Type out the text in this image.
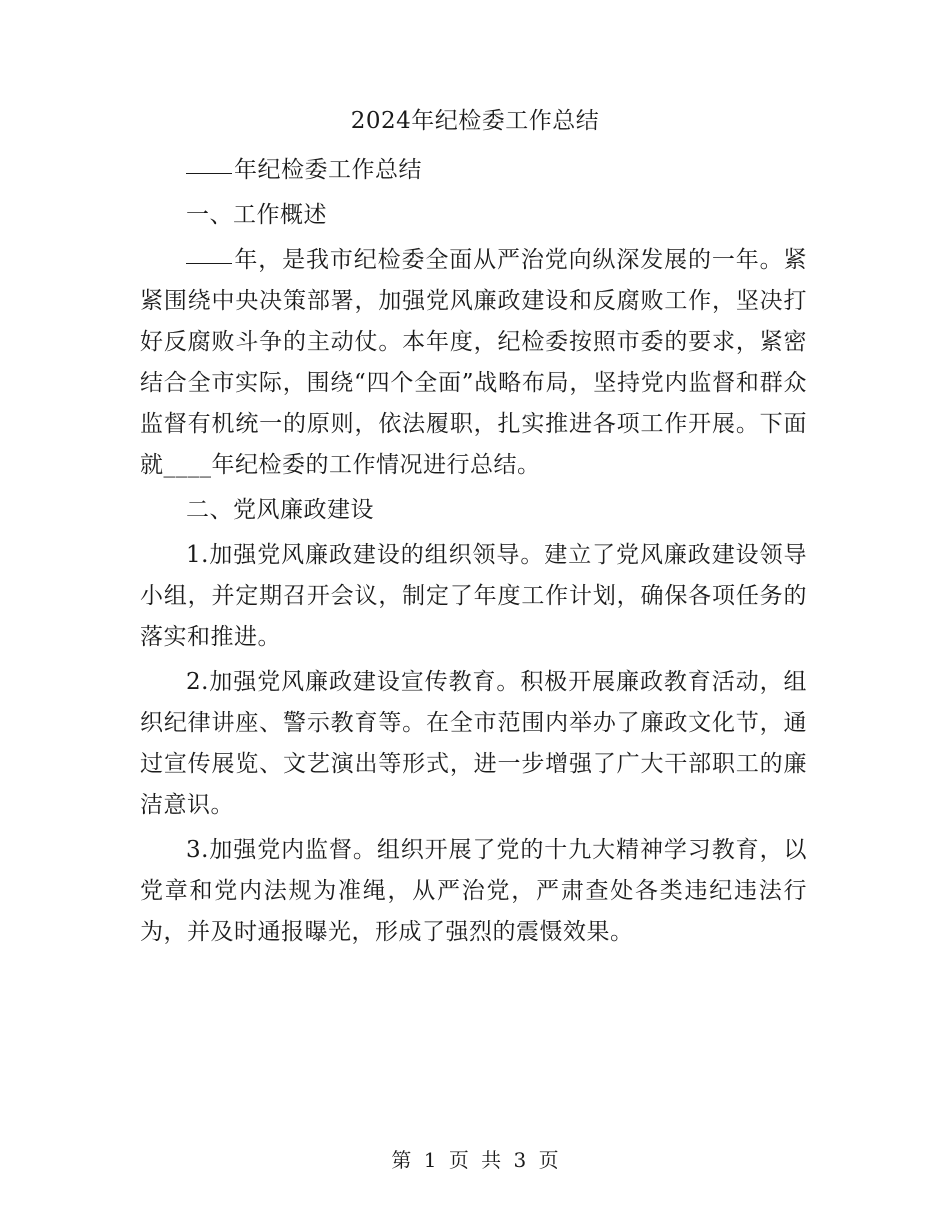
2024年纪检委工作总结

年纪检委工作总结

一、工作概述

年，是我市纪检委全面从严治党向纵深发展的一年。紧紧围绕中央决策部署，加强党风廉政建设和反腐败工作，坚决打好反腐败斗争的主动仗。本年度，纪检委按照市委的要求，紧密结合全市实际，围绕“四个全面”战略布局，坚持党内监督和群众监督有机统一的原则，依法履职，扎实推进各项工作开展。下面就____年纪检委的工作情况进行总结。

二、党风廉政建设

1.加强党风廉政建设的组织领导。建立了党风廉政建设领导小组，并定期召开会议，制定了年度工作计划，确保各项任务的落实和推进。

2.加强党风廉政建设宣传教育。积极开展廉政教育活动，组织纪律讲座、警示教育等。在全市范围内举办了廉政文化节，通过宣传展览、文艺演出等形式，进一步增强了广大干部职工的廉洁意识。

3.加强党内监督。组织开展了党的十九大精神学习教育，以党章和党内法规为准绳，从严治党，严肃查处各类违纪违法行为，并及时通报曝光，形成了强烈的震慑效果。

第 1 页 共 3 页
